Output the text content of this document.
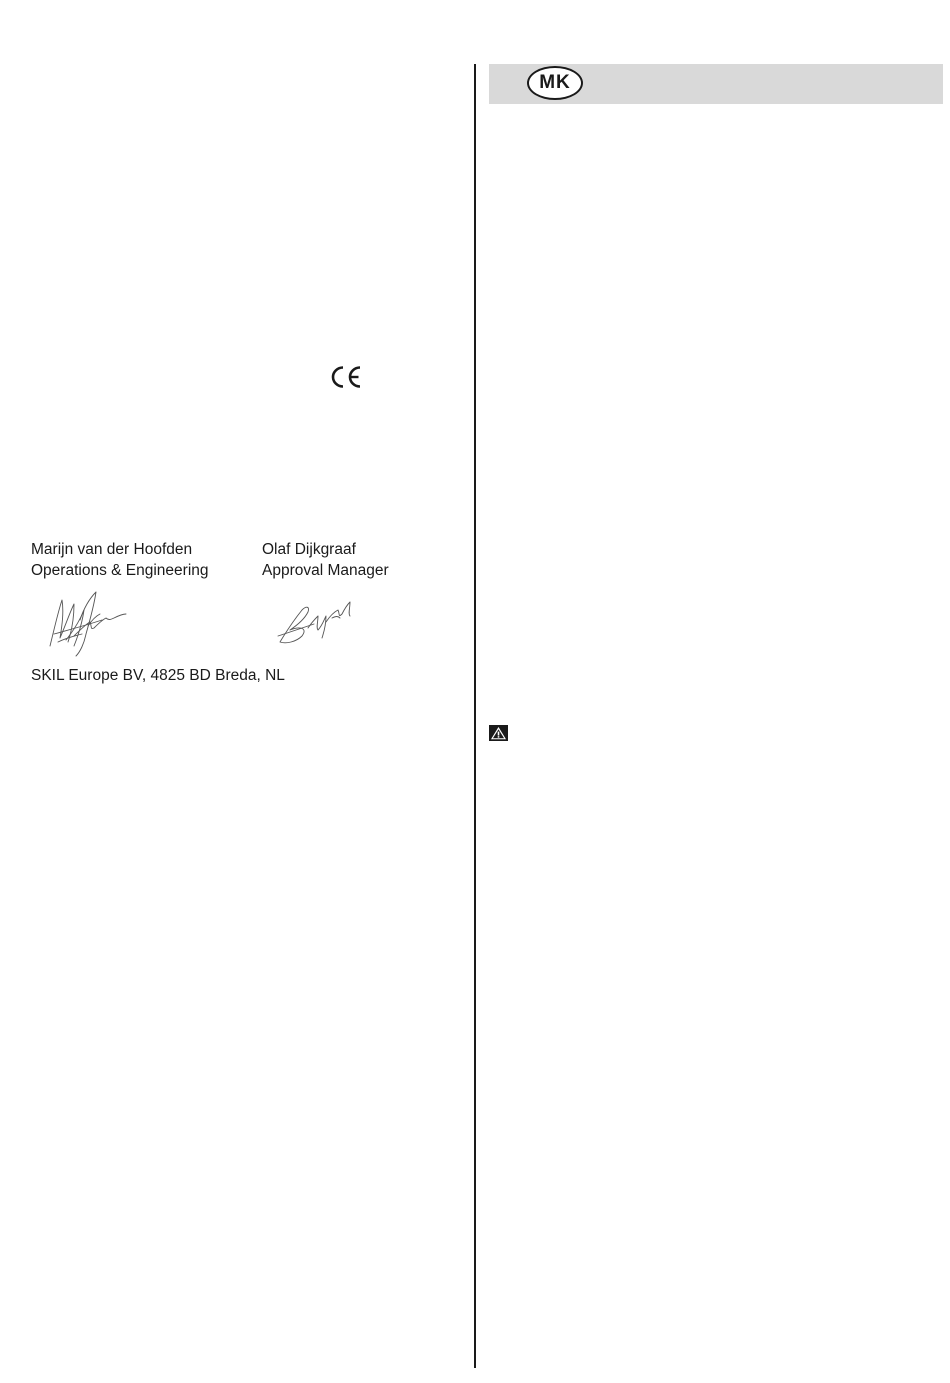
Marijn van der Hoofden
Operations & Engineering
Olaf Dijkgraaf
Approval Manager
SKIL Europe BV, 4825 BD Breda, NL
MK
